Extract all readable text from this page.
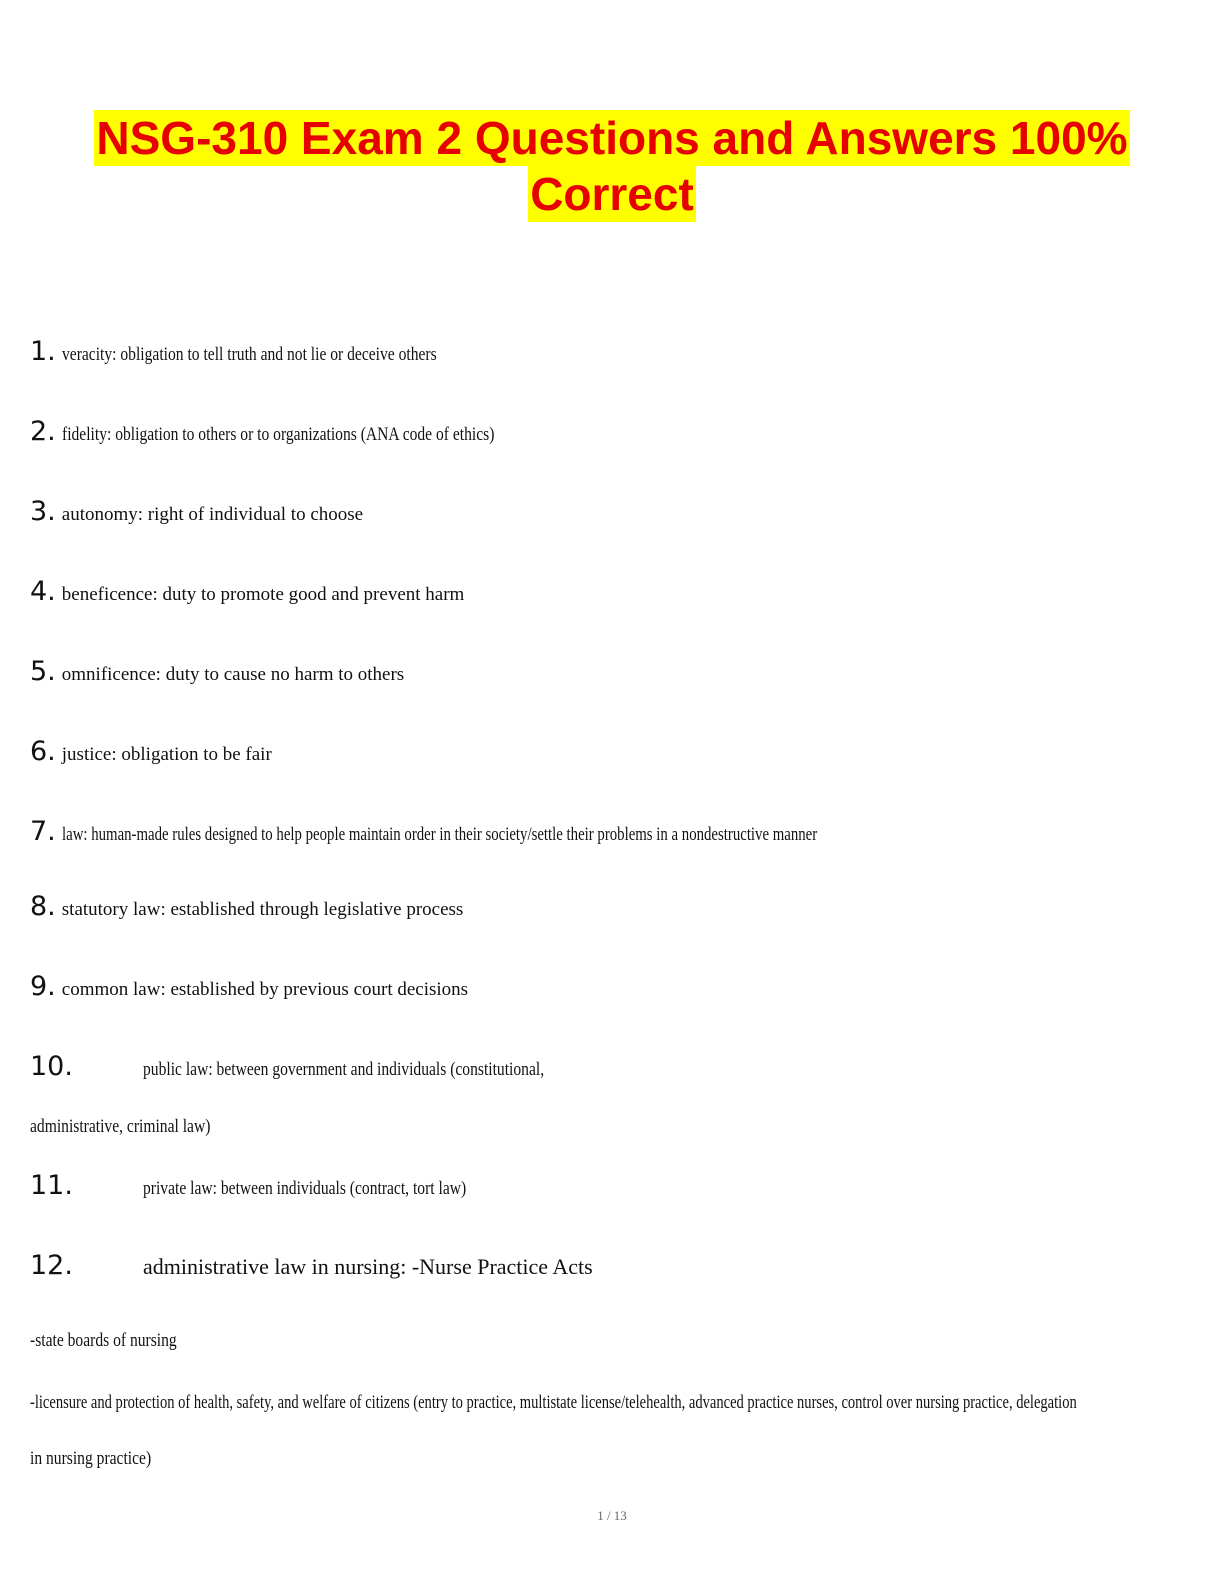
NSG-310 Exam 2 Questions and Answers 100%
Correct
1. veracity: obligation to tell truth and not lie or deceive others
2. fidelity: obligation to others or to organizations (ANA code of ethics)
3. autonomy: right of individual to choose
4. beneficence: duty to promote good and prevent harm
5. omnificence: duty to cause no harm to others
6. justice: obligation to be fair
7. law: human-made rules designed to help people maintain order in their society/settle their problems in a nondestructive manner
8. statutory law: established through legislative process
9. common law: established by previous court decisions
10.	public law: between government and individuals (constitutional,
administrative, criminal law)
11.	private law: between individuals (contract, tort law)
12.	administrative law in nursing: -Nurse Practice Acts
-state boards of nursing
-licensure and protection of health, safety, and welfare of citizens (entry to practice, multistate license/telehealth, advanced practice nurses, control over nursing practice, delegation
in nursing practice)
1 / 13
